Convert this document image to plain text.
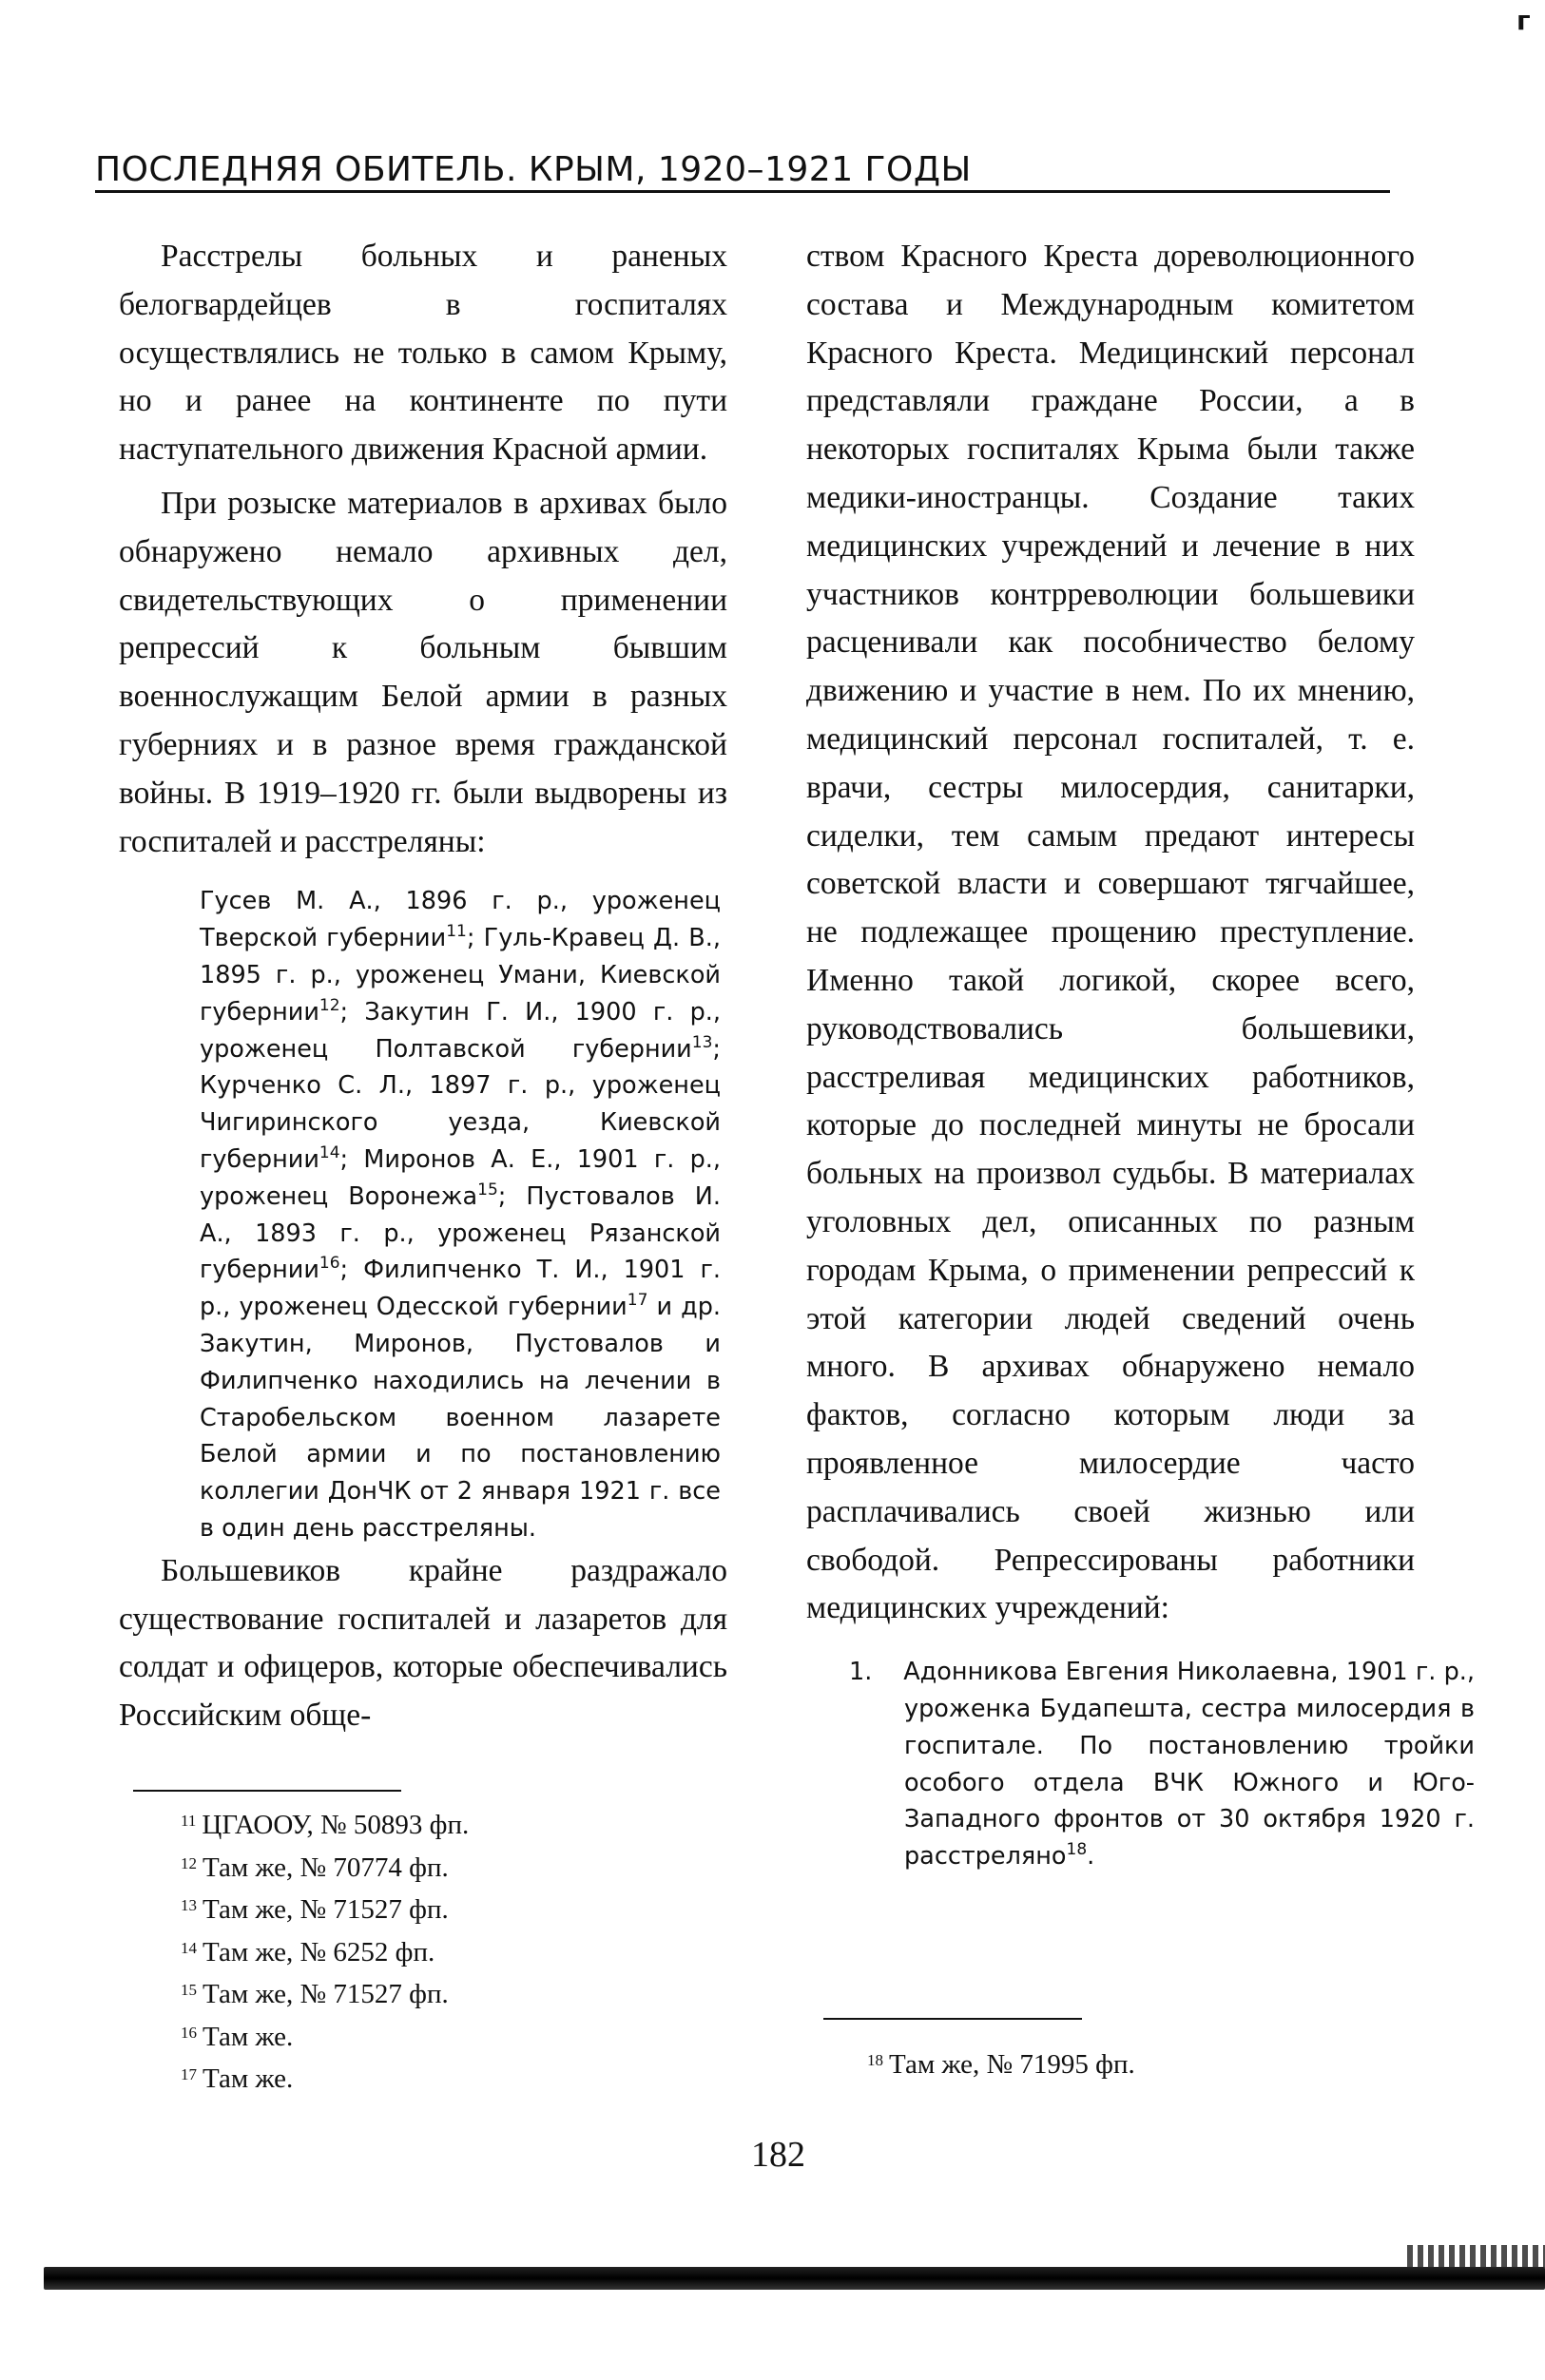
г
ПОСЛЕДНЯЯ ОБИТЕЛЬ. КРЫМ, 1920–1921 ГОДЫ

Расстрелы больных и раненых белогвардейцев в госпиталях осуществлялись не только в самом Крыму, но и ранее на континенте по пути наступательного движения Красной армии.

При розыске материалов в архивах было обнаружено немало архивных дел, свидетельствующих о применении репрессий к больным бывшим военнослужащим Белой армии в разных губерниях и в разное время гражданской войны. В 1919–1920 гг. были выдворены из госпиталей и расстреляны:

Гусев М. А., 1896 г. р., уроженец Тверской губернии$^{11}$; Гуль-Кравец Д. В., 1895 г. р., уроженец Умани, Киевской губернии$^{12}$; Закутин Г. И., 1900 г. р., уроженец Полтавской губернии$^{13}$; Курченко С. Л., 1897 г. р., уроженец Чигиринского уезда, Киевской губернии$^{14}$; Миронов А. Е., 1901 г. р., уроженец Воронежа$^{15}$; Пустовалов И. А., 1893 г. р., уроженец Рязанской губернии$^{16}$; Филипченко Т. И., 1901 г. р., уроженец Одесской губернии$^{17}$ и др. Закутин, Миронов, Пустовалов и Филипченко находились на лечении в Старобельском военном лазарете Белой армии и по постановлению коллегии ДонЧК от 2 января 1921 г. все в один день расстреляны.

Большевиков крайне раздражало существование госпиталей и лазаретов для солдат и офицеров, которые обеспечивались Российским обще-

ством Красного Креста дореволюционного состава и Международным комитетом Красного Креста. Медицинский персонал представляли граждане России, а в некоторых госпиталях Крыма были также медики-иностранцы. Создание таких медицинских учреждений и лечение в них участников контрреволюции большевики расценивали как пособничество белому движению и участие в нем. По их мнению, медицинский персонал госпиталей, т. е. врачи, сестры милосердия, санитарки, сиделки, тем самым предают интересы советской власти и совершают тягчайшее, не подлежащее прощению преступление. Именно такой логикой, скорее всего, руководствовались большевики, расстреливая медицинских работников, которые до последней минуты не бросали больных на произвол судьбы. В материалах уголовных дел, описанных по разным городам Крыма, о применении репрессий к этой категории людей сведений очень много. В архивах обнаружено немало фактов, согласно которым люди за проявленное милосердие часто расплачивались своей жизнью или свободой. Репрессированы работники медицинских учреждений:

1. Адонникова Евгения Николаевна, 1901 г. р., уроженка Будапешта, сестра милосердия в госпитале. По постановлению тройки особого отдела ВЧК Южного и Юго-Западного фронтов от 30 октября 1920 г. расстреляно$^{18}$.
$^{11}$ ЦГАООУ, № 50893 фп.
$^{12}$ Там же, № 70774 фп.
$^{13}$ Там же, № 71527 фп.
$^{14}$ Там же, № 6252 фп.
$^{15}$ Там же, № 71527 фп.
$^{16}$ Там же.
$^{17}$ Там же.
$^{18}$ Там же, № 71995 фп.
182
